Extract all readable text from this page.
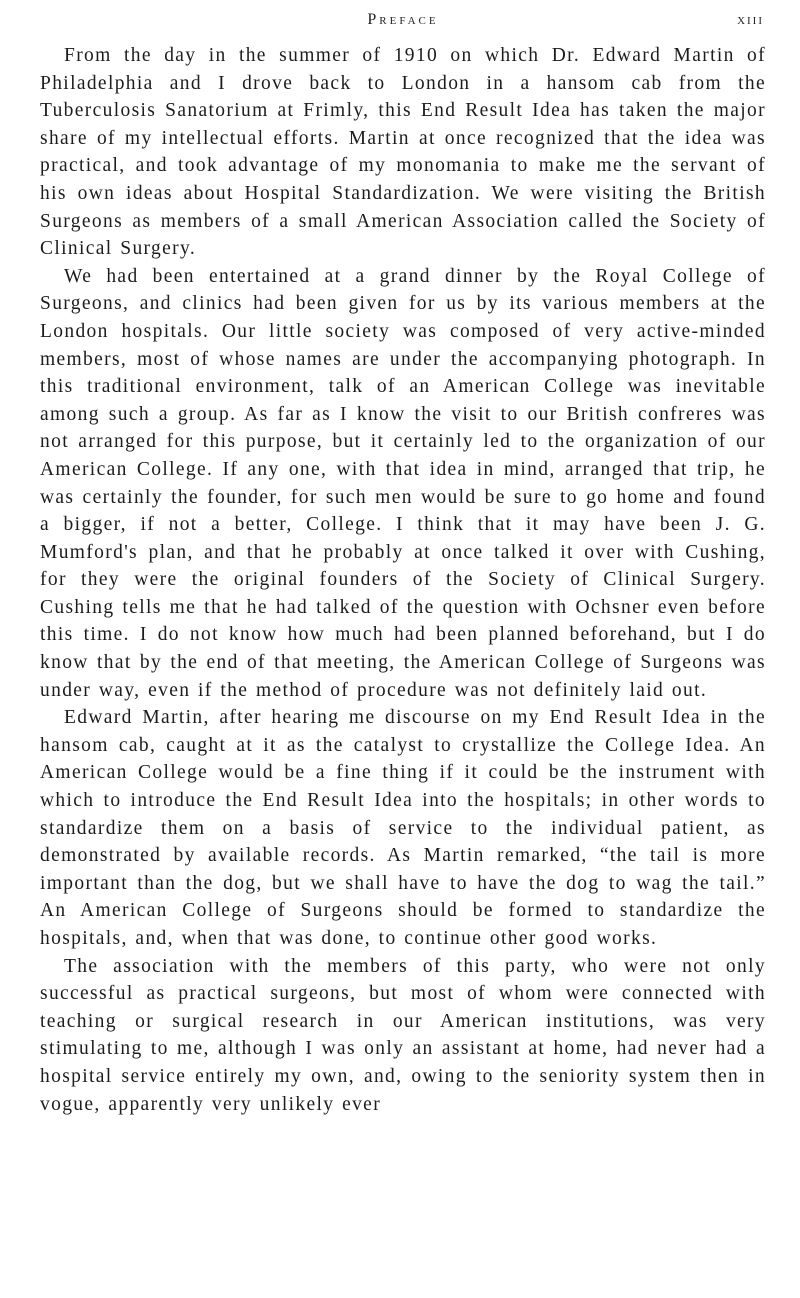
Preface	xiii

From the day in the summer of 1910 on which Dr. Edward Martin of Philadelphia and I drove back to London in a hansom cab from the Tuberculosis Sanatorium at Frimly, this End Result Idea has taken the major share of my intellectual efforts. Martin at once recognized that the idea was practical, and took advantage of my monomania to make me the servant of his own ideas about Hospital Standardization. We were visiting the British Surgeons as members of a small American Association called the Society of Clinical Surgery.

We had been entertained at a grand dinner by the Royal College of Surgeons, and clinics had been given for us by its various members at the London hospitals. Our little society was composed of very active-minded members, most of whose names are under the accompanying photograph. In this traditional environment, talk of an American College was inevitable among such a group. As far as I know the visit to our British confreres was not arranged for this purpose, but it certainly led to the organization of our American College. If any one, with that idea in mind, arranged that trip, he was certainly the founder, for such men would be sure to go home and found a bigger, if not a better, College. I think that it may have been J. G. Mumford's plan, and that he probably at once talked it over with Cushing, for they were the original founders of the Society of Clinical Surgery. Cushing tells me that he had talked of the question with Ochsner even before this time. I do not know how much had been planned beforehand, but I do know that by the end of that meeting, the American College of Surgeons was under way, even if the method of procedure was not definitely laid out.

Edward Martin, after hearing me discourse on my End Result Idea in the hansom cab, caught at it as the catalyst to crystallize the College Idea. An American College would be a fine thing if it could be the instrument with which to introduce the End Result Idea into the hospitals; in other words to standardize them on a basis of service to the individual patient, as demonstrated by available records. As Martin remarked, “the tail is more important than the dog, but we shall have to have the dog to wag the tail.” An American College of Surgeons should be formed to standardize the hospitals, and, when that was done, to continue other good works.

The association with the members of this party, who were not only successful as practical surgeons, but most of whom were connected with teaching or surgical research in our American institutions, was very stimulating to me, although I was only an assistant at home, had never had a hospital service entirely my own, and, owing to the seniority system then in vogue, apparently very unlikely ever
